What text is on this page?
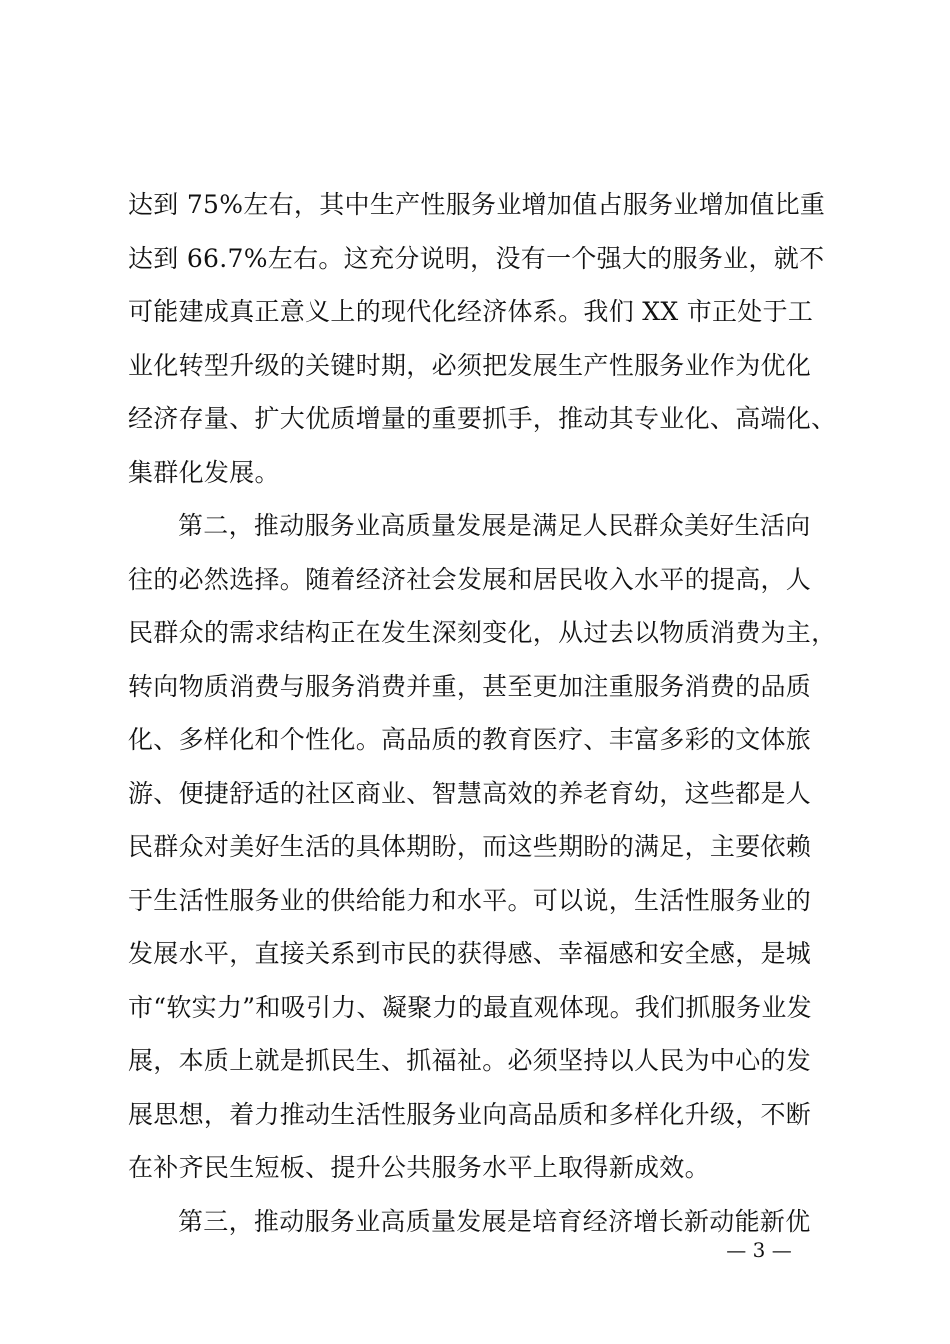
达到 75%左右，其中生产性服务业增加值占服务业增加值比重
达到 66.7%左右。这充分说明，没有一个强大的服务业，就不
可能建成真正意义上的现代化经济体系。我们 XX 市正处于工
业化转型升级的关键时期，必须把发展生产性服务业作为优化
经济存量、扩大优质增量的重要抓手，推动其专业化、高端化、
集群化发展。
第二，推动服务业高质量发展是满足人民群众美好生活向
往的必然选择。随着经济社会发展和居民收入水平的提高，人
民群众的需求结构正在发生深刻变化，从过去以物质消费为主，
转向物质消费与服务消费并重，甚至更加注重服务消费的品质
化、多样化和个性化。高品质的教育医疗、丰富多彩的文体旅
游、便捷舒适的社区商业、智慧高效的养老育幼，这些都是人
民群众对美好生活的具体期盼，而这些期盼的满足，主要依赖
于生活性服务业的供给能力和水平。可以说，生活性服务业的
发展水平，直接关系到市民的获得感、幸福感和安全感，是城
市“软实力”和吸引力、凝聚力的最直观体现。我们抓服务业发
展，本质上就是抓民生、抓福祉。必须坚持以人民为中心的发
展思想，着力推动生活性服务业向高品质和多样化升级，不断
在补齐民生短板、提升公共服务水平上取得新成效。
第三，推动服务业高质量发展是培育经济增长新动能新优
— 3 —
